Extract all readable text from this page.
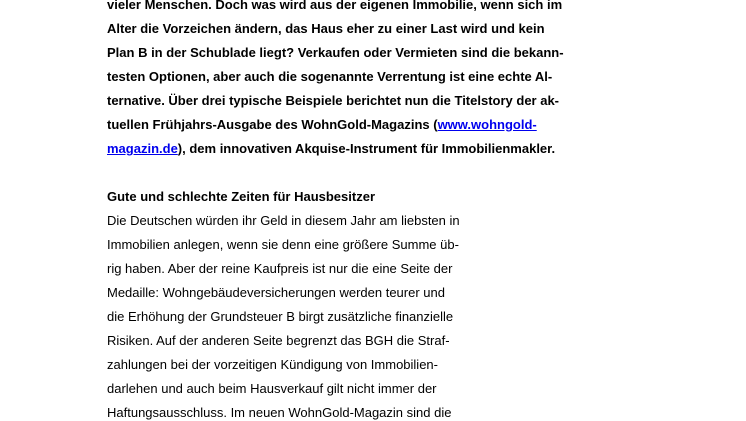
vieler Menschen. Doch was wird aus der eigenen Immobilie, wenn sich im
Alter die Vorzeichen ändern, das Haus eher zu einer Last wird und kein
Plan B in der Schublade liegt? Verkaufen oder Vermieten sind die bekann-
testen Optionen, aber auch die sogenannte Verrentung ist eine echte Al-
ternative. Über drei typische Beispiele berichtet nun die Titelstory der ak-
tuellen Frühjahrs-Ausgabe des WohnGold-Magazins (www.wohngold-
magazin.de), dem innovativen Akquise-Instrument für Immobilienmakler.
Gute und schlechte Zeiten für Hausbesitzer
Die Deutschen würden ihr Geld in diesem Jahr am liebsten in
Immobilien anlegen, wenn sie denn eine größere Summe üb-
rig haben. Aber der reine Kaufpreis ist nur die eine Seite der
Medaille: Wohngebäudeversicherungen werden teurer und
die Erhöhung der Grundsteuer B birgt zusätzliche finanzielle
Risiken. Auf der anderen Seite begrenzt das BGH die Straf-
zahlungen bei der vorzeitigen Kündigung von Immobilien-
darlehen und auch beim Hausverkauf gilt nicht immer der
Haftungsausschluss. Im neuen WohnGold-Magazin sind die
